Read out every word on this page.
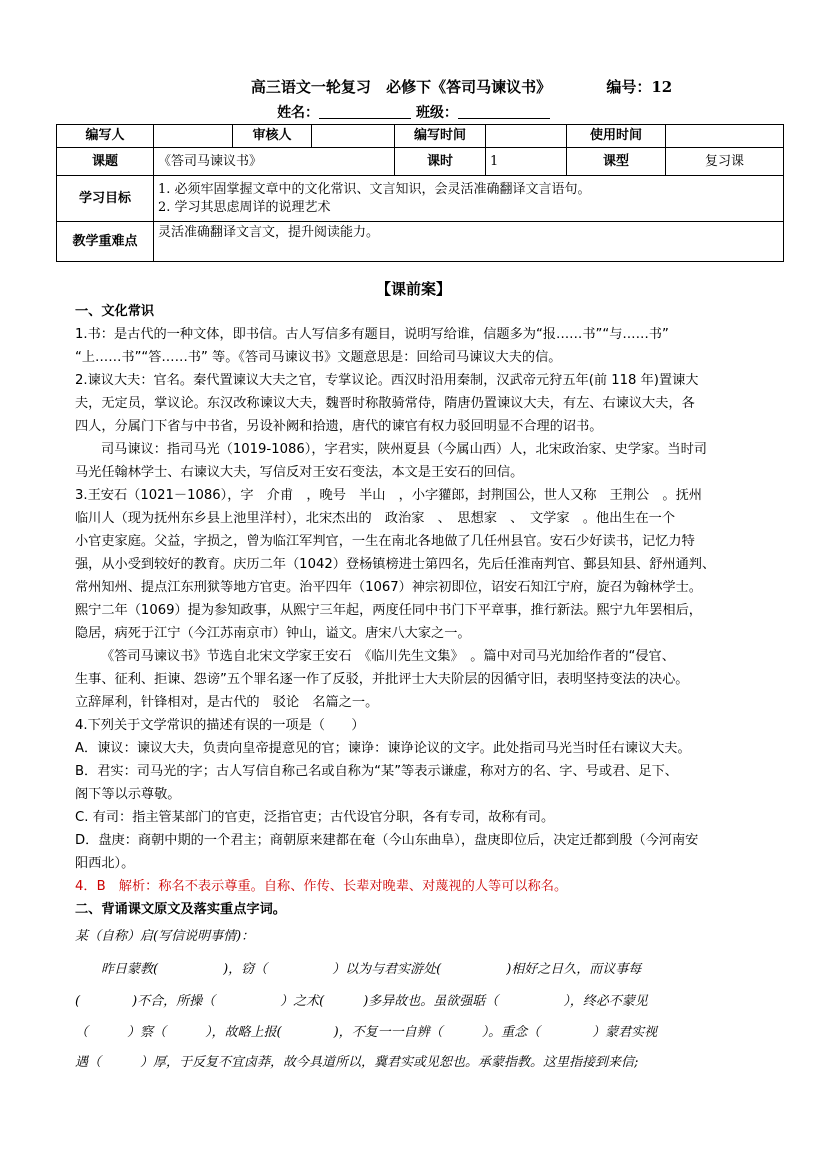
高三语文一轮复习 必修下《答司马谏议书》	编号：12
姓名：	班级：
编写人		审核人		编写时间		使用时间	
课题	《答司马谏议书》			课时	1	课型	复习课
学习目标	1. 必须牢固掌握文章中的文化常识、文言知识，会灵活准确翻译文言语句。
2. 学习其思虑周详的说理艺术						

教学重难点	灵活准确翻译文言文，提升阅读能力。						
【课前案】

一、文化常识

1.书：是古代的一种文体，即书信。古人写信多有题目，说明写给谁，信题多为“报……书”“与……书”

“上……书”“答……书” 等。《答司马谏议书》文题意思是：回给司马谏议大夫的信。

2.谏议大夫：官名。秦代置谏议大夫之官，专掌议论。西汉时沿用秦制，汉武帝元狩五年(前 118 年)置谏大

夫，无定员，掌议论。东汉改称谏议大夫，魏晋时称散骑常侍，隋唐仍置谏议大夫，有左、右谏议大夫，各

四人，分属门下省与中书省，另设补阙和拾遗，唐代的谏官有权力驳回明显不合理的诏书。

司马谏议：指司马光（1019-1086），字君实，陕州夏县（今属山西）人，北宋政治家、史学家。当时司

马光任翰林学士、右谏议大夫，写信反对王安石变法，本文是王安石的回信。

3.王安石（1021－1086），字　介甫　，晚号　半山　，小字獾郎，封荆国公，世人又称　王荆公　。抚州

临川人（现为抚州东乡县上池里洋村），北宋杰出的　政治家　、　思想家　、　文学家　。他出生在一个

小官吏家庭。父益，字损之，曾为临江军判官，一生在南北各地做了几任州县官。安石少好读书，记忆力特

强，从小受到较好的教育。庆历二年（1042）登杨镇榜进士第四名，先后任淮南判官、鄞县知县、舒州通判、

常州知州、提点江东刑狱等地方官吏。治平四年（1067）神宗初即位，诏安石知江宁府，旋召为翰林学士。

熙宁二年（1069）提为参知政事，从熙宁三年起，两度任同中书门下平章事，推行新法。熙宁九年罢相后，

隐居，病死于江宁（今江苏南京市）钟山，谥文。唐宋八大家之一。

《答司马谏议书》节选自北宋文学家王安石　《临川先生文集》　。篇中对司马光加给作者的“侵官、

生事、征利、拒谏、怨谤”五个罪名逐一作了反驳，并批评士大夫阶层的因循守旧，表明坚持变法的决心。

立辞犀利，针锋相对，是古代的　驳论　名篇之一。

4.下列关于文学常识的描述有误的一项是（　　）

A．谏议：谏议大夫，负责向皇帝提意见的官；谏诤：谏诤论议的文字。此处指司马光当时任右谏议大夫。

B．君实：司马光的字；古人写信自称己名或自称为“某”等表示谦虚，称对方的名、字、号或君、足下、

阁下等以示尊敬。

C. 有司：指主管某部门的官吏，泛指官吏；古代设官分职，各有专司，故称有司。

D．盘庚：商朝中期的一个君主；商朝原来建都在奄（今山东曲阜），盘庚即位后，决定迁都到殷（今河南安

阳西北）。

4．B　解析：称名不表示尊重。自称、作传、长辈对晚辈、对蔑视的人等可以称名。

二、背诵课文原文及落实重点字词。

某（自称）启(写信说明事情)：
昨日蒙教(　　　　　)，窃（　　　　　）以为与君实游处(　　　　　)相好之日久，而议事每
(　　　　)不合，所操（　　　　　）之术(　　　)多异故也。虽欲强聒（　　　　　），终必不蒙见
（　　　）察（　　　），故略上报(　　　　)，不复一一自辨（　　　）。重念（　　　　）蒙君实视
遇（　　　）厚，于反复不宜卤莽，故今具道所以，冀君实或见恕也。承蒙指教。这里指接到来信;
